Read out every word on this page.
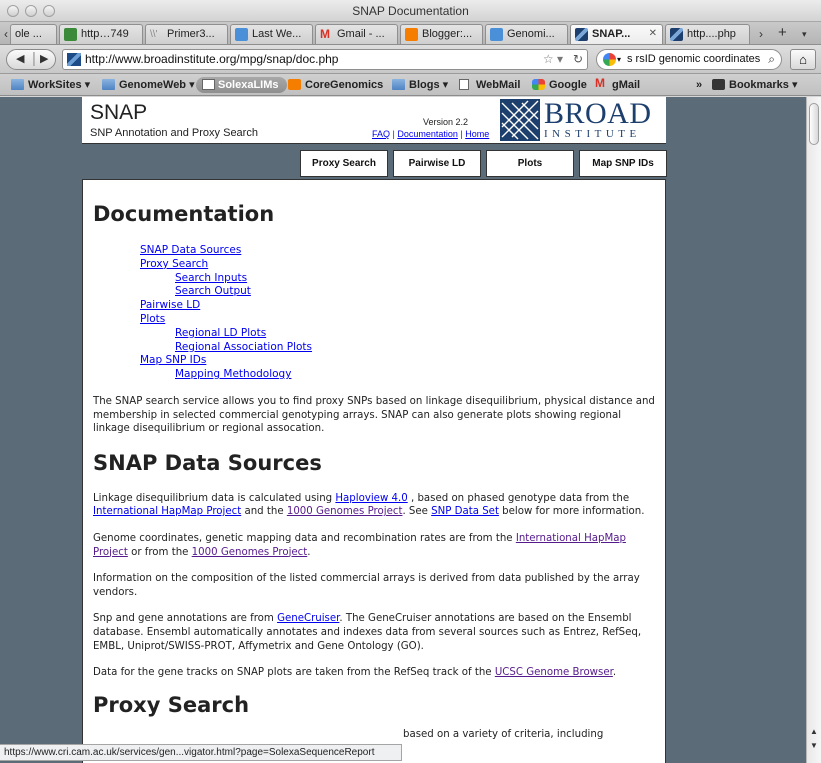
SNAP Documentation
‹ ole ...	http…749	\\' Primer3...	Last We...	M Gmail - ...	Blogger:...	Genomi...	SNAP... ✕	http....php	› + ▾
◀ | ▶	http://www.broadinstitute.org/mpg/snap/doc.php	☆ ▾ ↻	▾ s rsID genomic coordinates ⌕	⌂
WorkSites ▾	GenomeWeb ▾	SolexaLIMs	CoreGenomics	Blogs ▾	WebMail	Google M gMail	»	Bookmarks ▾
SNAP
SNP Annotation and Proxy Search
Version 2.2
FAQ | Documentation | Home
BROAD
INSTITUTE
Proxy Search	Pairwise LD	Plots	Map SNP IDs
Documentation
SNAP Data Sources
Proxy Search
Search Inputs
Search Output
Pairwise LD
Plots
Regional LD Plots
Regional Association Plots
Map SNP IDs
Mapping Methodology

The SNAP search service allows you to find proxy SNPs based on linkage disequilibrium, physical distance and membership in selected commercial genotyping arrays. SNAP can also generate plots showing regional linkage disequilibrium or regional assocation.

SNAP Data Sources

Linkage disequilibrium data is calculated using Haploview 4.0 , based on phased genotype data from the International HapMap Project and the 1000 Genomes Project. See SNP Data Set below for more information.

Genome coordinates, genetic mapping data and recombination rates are from the International HapMap Project or from the 1000 Genomes Project.

Information on the composition of the listed commercial arrays is derived from data published by the array vendors.

Snp and gene annotations are from GeneCruiser. The GeneCruiser annotations are based on the Ensembl database. Ensembl automatically annotates and indexes data from several sources such as Entrez, RefSeq, EMBL, Uniprot/SWISS-PROT, Affymetrix and Gene Ontology (GO).

Data for the gene tracks on SNAP plots are taken from the RefSeq track of the UCSC Genome Browser.

Proxy Search

based on a variety of criteria, including	▲
▼
https://www.cri.cam.ac.uk/services/gen...vigator.html?page=SolexaSequenceReport
